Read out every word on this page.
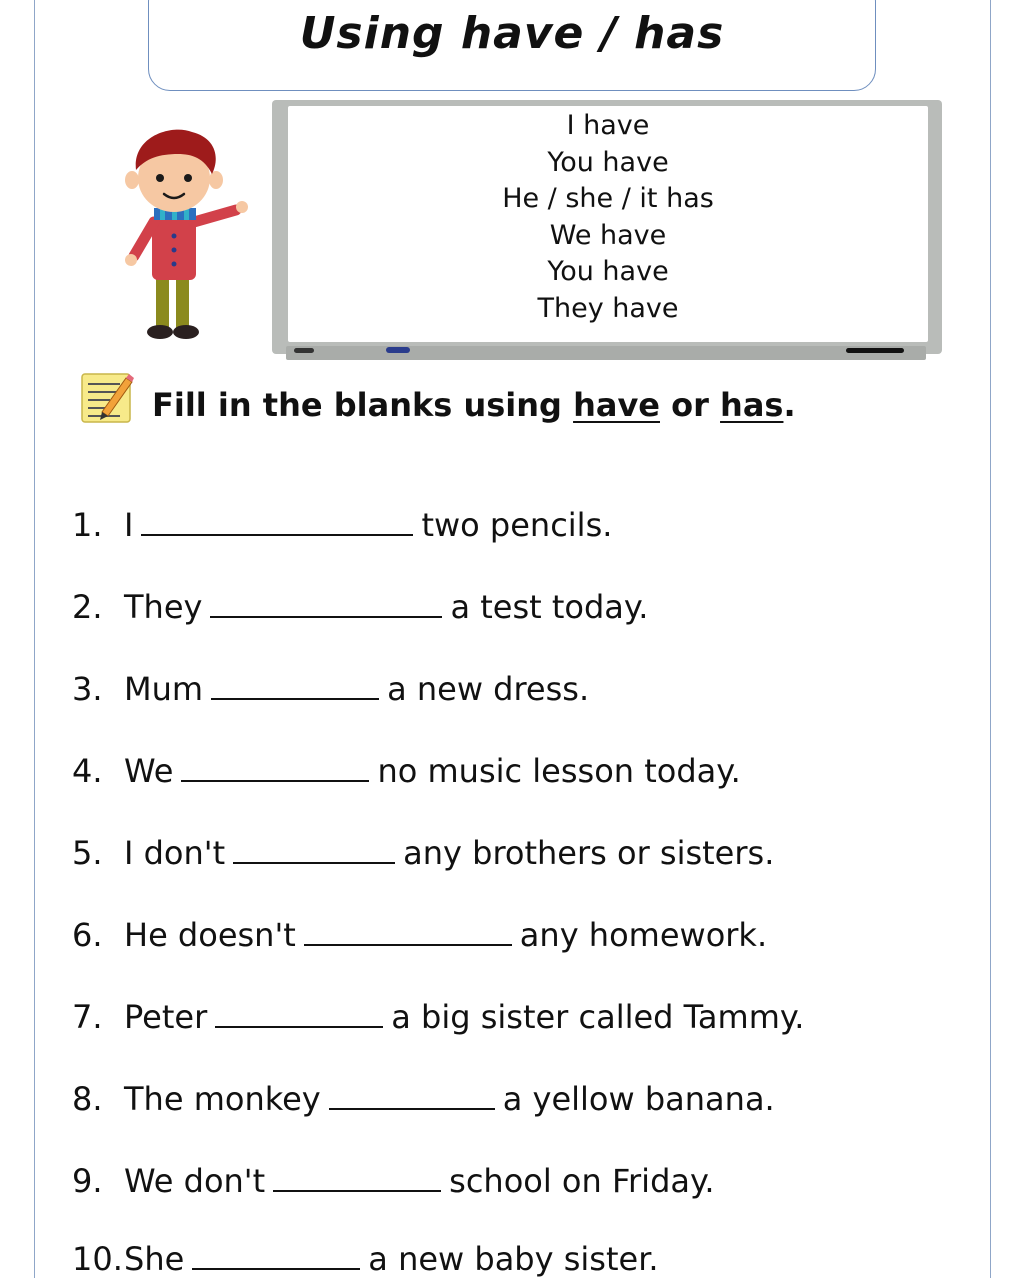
Using have / has
I have
You have
He / she / it has
We have
You have
They have
Fill in the blanks using have or has.
1. I	two pencils.
2. They	a test today.
3. Mum	a new dress.
4. We	no music lesson today.
5. I don't	any brothers or sisters.
6. He doesn't	any homework.
7. Peter	a big sister called Tammy.
8. The monkey	a yellow banana.
9. We don't	school on Friday.
10.She	a new baby sister.
